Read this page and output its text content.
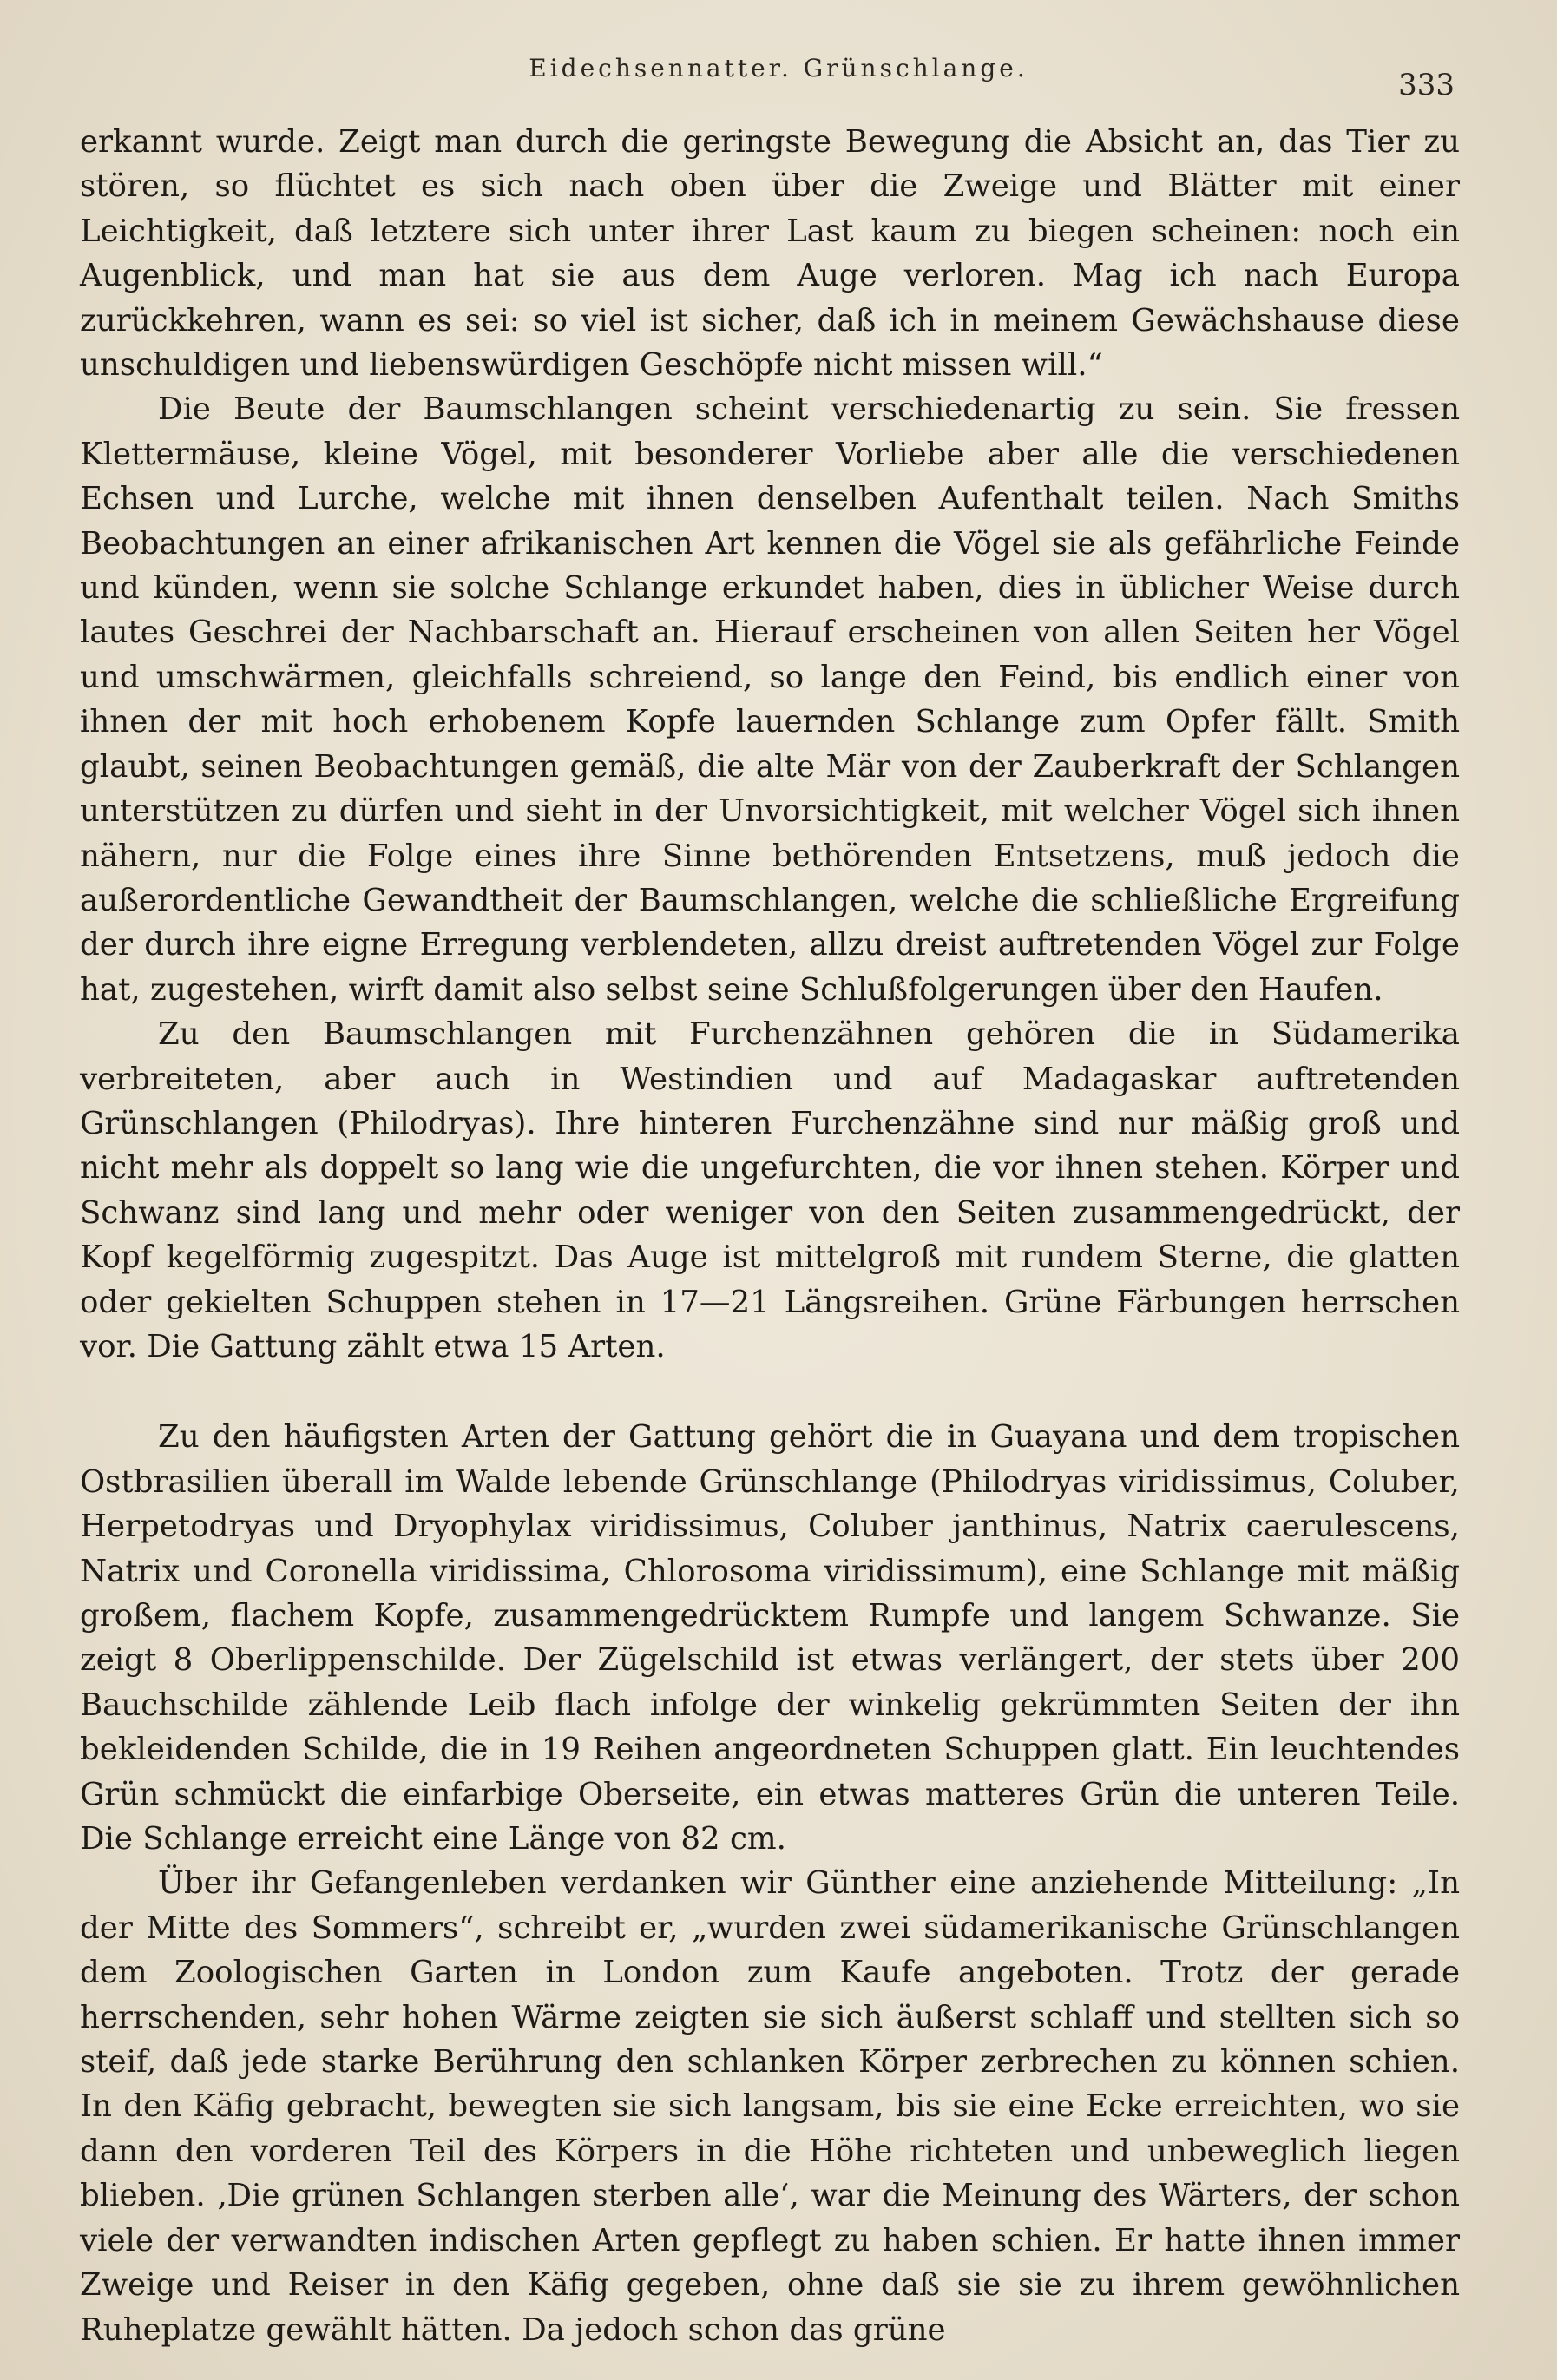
Eidechsennatter. Grünschlange.	333

erkannt wurde. Zeigt man durch die geringste Bewegung die Absicht an, das Tier zu stören, so flüchtet es sich nach oben über die Zweige und Blätter mit einer Leichtigkeit, daß letztere sich unter ihrer Last kaum zu biegen scheinen: noch ein Augenblick, und man hat sie aus dem Auge verloren. Mag ich nach Europa zurückkehren, wann es sei: so viel ist sicher, daß ich in meinem Gewächshause diese unschuldigen und liebenswürdigen Geschöpfe nicht missen will.“

Die Beute der Baumschlangen scheint verschiedenartig zu sein. Sie fressen Klettermäuse, kleine Vögel, mit besonderer Vorliebe aber alle die verschiedenen Echsen und Lurche, welche mit ihnen denselben Aufenthalt teilen. Nach Smiths Beobachtungen an einer afrikanischen Art kennen die Vögel sie als gefährliche Feinde und künden, wenn sie solche Schlange erkundet haben, dies in üblicher Weise durch lautes Geschrei der Nachbarschaft an. Hierauf erscheinen von allen Seiten her Vögel und umschwärmen, gleichfalls schreiend, so lange den Feind, bis endlich einer von ihnen der mit hoch erhobenem Kopfe lauernden Schlange zum Opfer fällt. Smith glaubt, seinen Beobachtungen gemäß, die alte Mär von der Zauberkraft der Schlangen unterstützen zu dürfen und sieht in der Unvorsichtigkeit, mit welcher Vögel sich ihnen nähern, nur die Folge eines ihre Sinne bethörenden Entsetzens, muß jedoch die außerordentliche Gewandtheit der Baumschlangen, welche die schließliche Ergreifung der durch ihre eigne Erregung verblendeten, allzu dreist auftretenden Vögel zur Folge hat, zugestehen, wirft damit also selbst seine Schlußfolgerungen über den Haufen.

Zu den Baumschlangen mit Furchenzähnen gehören die in Südamerika verbreiteten, aber auch in Westindien und auf Madagaskar auftretenden Grünschlangen (Philodryas). Ihre hinteren Furchenzähne sind nur mäßig groß und nicht mehr als doppelt so lang wie die ungefurchten, die vor ihnen stehen. Körper und Schwanz sind lang und mehr oder weniger von den Seiten zusammengedrückt, der Kopf kegelförmig zugespitzt. Das Auge ist mittelgroß mit rundem Sterne, die glatten oder gekielten Schuppen stehen in 17—21 Längsreihen. Grüne Färbungen herrschen vor. Die Gattung zählt etwa 15 Arten.

Zu den häufigsten Arten der Gattung gehört die in Guayana und dem tropischen Ostbrasilien überall im Walde lebende Grünschlange (Philodryas viridissimus, Coluber, Herpetodryas und Dryophylax viridissimus, Coluber janthinus, Natrix caerulescens, Natrix und Coronella viridissima, Chlorosoma viridissimum), eine Schlange mit mäßig großem, flachem Kopfe, zusammengedrücktem Rumpfe und langem Schwanze. Sie zeigt 8 Oberlippenschilde. Der Zügelschild ist etwas verlängert, der stets über 200 Bauchschilde zählende Leib flach infolge der winkelig gekrümmten Seiten der ihn bekleidenden Schilde, die in 19 Reihen angeordneten Schuppen glatt. Ein leuchtendes Grün schmückt die einfarbige Oberseite, ein etwas matteres Grün die unteren Teile. Die Schlange erreicht eine Länge von 82 cm.

Über ihr Gefangenleben verdanken wir Günther eine anziehende Mitteilung: „In der Mitte des Sommers“, schreibt er, „wurden zwei südamerikanische Grünschlangen dem Zoologischen Garten in London zum Kaufe angeboten. Trotz der gerade herrschenden, sehr hohen Wärme zeigten sie sich äußerst schlaff und stellten sich so steif, daß jede starke Berührung den schlanken Körper zerbrechen zu können schien. In den Käfig gebracht, bewegten sie sich langsam, bis sie eine Ecke erreichten, wo sie dann den vorderen Teil des Körpers in die Höhe richteten und unbeweglich liegen blieben. ‚Die grünen Schlangen sterben alle‘, war die Meinung des Wärters, der schon viele der verwandten indischen Arten gepflegt zu haben schien. Er hatte ihnen immer Zweige und Reiser in den Käfig gegeben, ohne daß sie sie zu ihrem gewöhnlichen Ruheplatze gewählt hätten. Da jedoch schon das grüne
